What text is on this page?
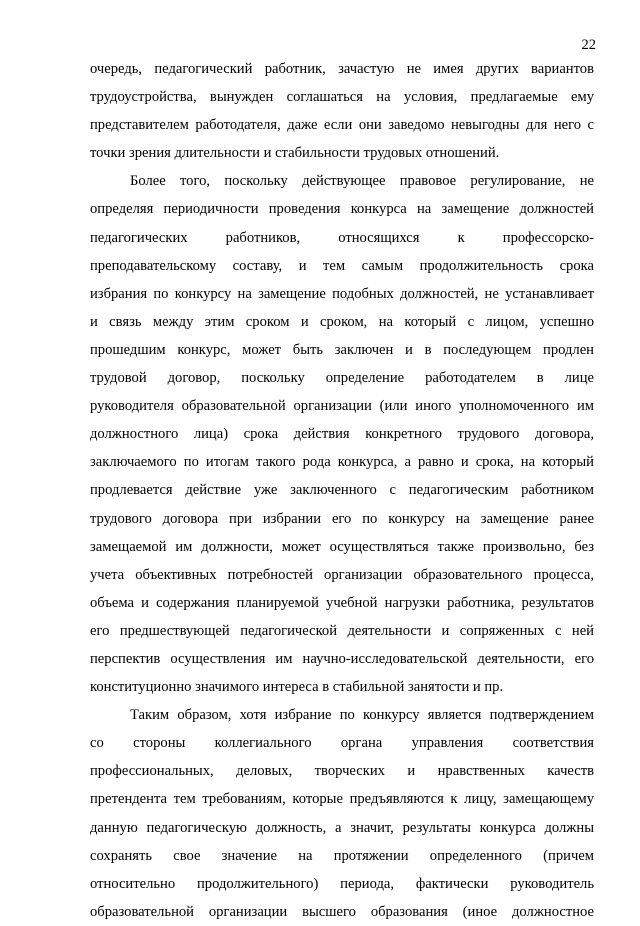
22
очередь, педагогический работник, зачастую не имея других вариантов
трудоустройства, вынужден соглашаться на условия, предлагаемые ему
представителем работодателя, даже если они заведомо невыгодны для него с
точки зрения длительности и стабильности трудовых отношений.
Более того, поскольку действующее правовое регулирование, не
определяя периодичности проведения конкурса на замещение должностей
педагогических работников, относящихся к профессорско-
преподавательскому составу, и тем самым продолжительность срока
избрания по конкурсу на замещение подобных должностей, не устанавливает
и связь между этим сроком и сроком, на который с лицом, успешно
прошедшим конкурс, может быть заключен и в последующем продлен
трудовой договор, поскольку определение работодателем в лице
руководителя образовательной организации (или иного уполномоченного им
должностного лица) срока действия конкретного трудового договора,
заключаемого по итогам такого рода конкурса, а равно и срока, на который
продлевается действие уже заключенного с педагогическим работником
трудового договора при избрании его по конкурсу на замещение ранее
замещаемой им должности, может осуществляться также произвольно, без
учета объективных потребностей организации образовательного процесса,
объема и содержания планируемой учебной нагрузки работника, результатов
его предшествующей педагогической деятельности и сопряженных с ней
перспектив осуществления им научно-исследовательской деятельности, его
конституционно значимого интереса в стабильной занятости и пр.
Таким образом, хотя избрание по конкурсу является подтверждением
со стороны коллегиального органа управления соответствия
профессиональных, деловых, творческих и нравственных качеств
претендента тем требованиям, которые предъявляются к лицу, замещающему
данную педагогическую должность, а значит, результаты конкурса должны
сохранять свое значение на протяжении определенного (причем
относительно продолжительного) периода, фактически руководитель
образовательной организации высшего образования (иное должностное
